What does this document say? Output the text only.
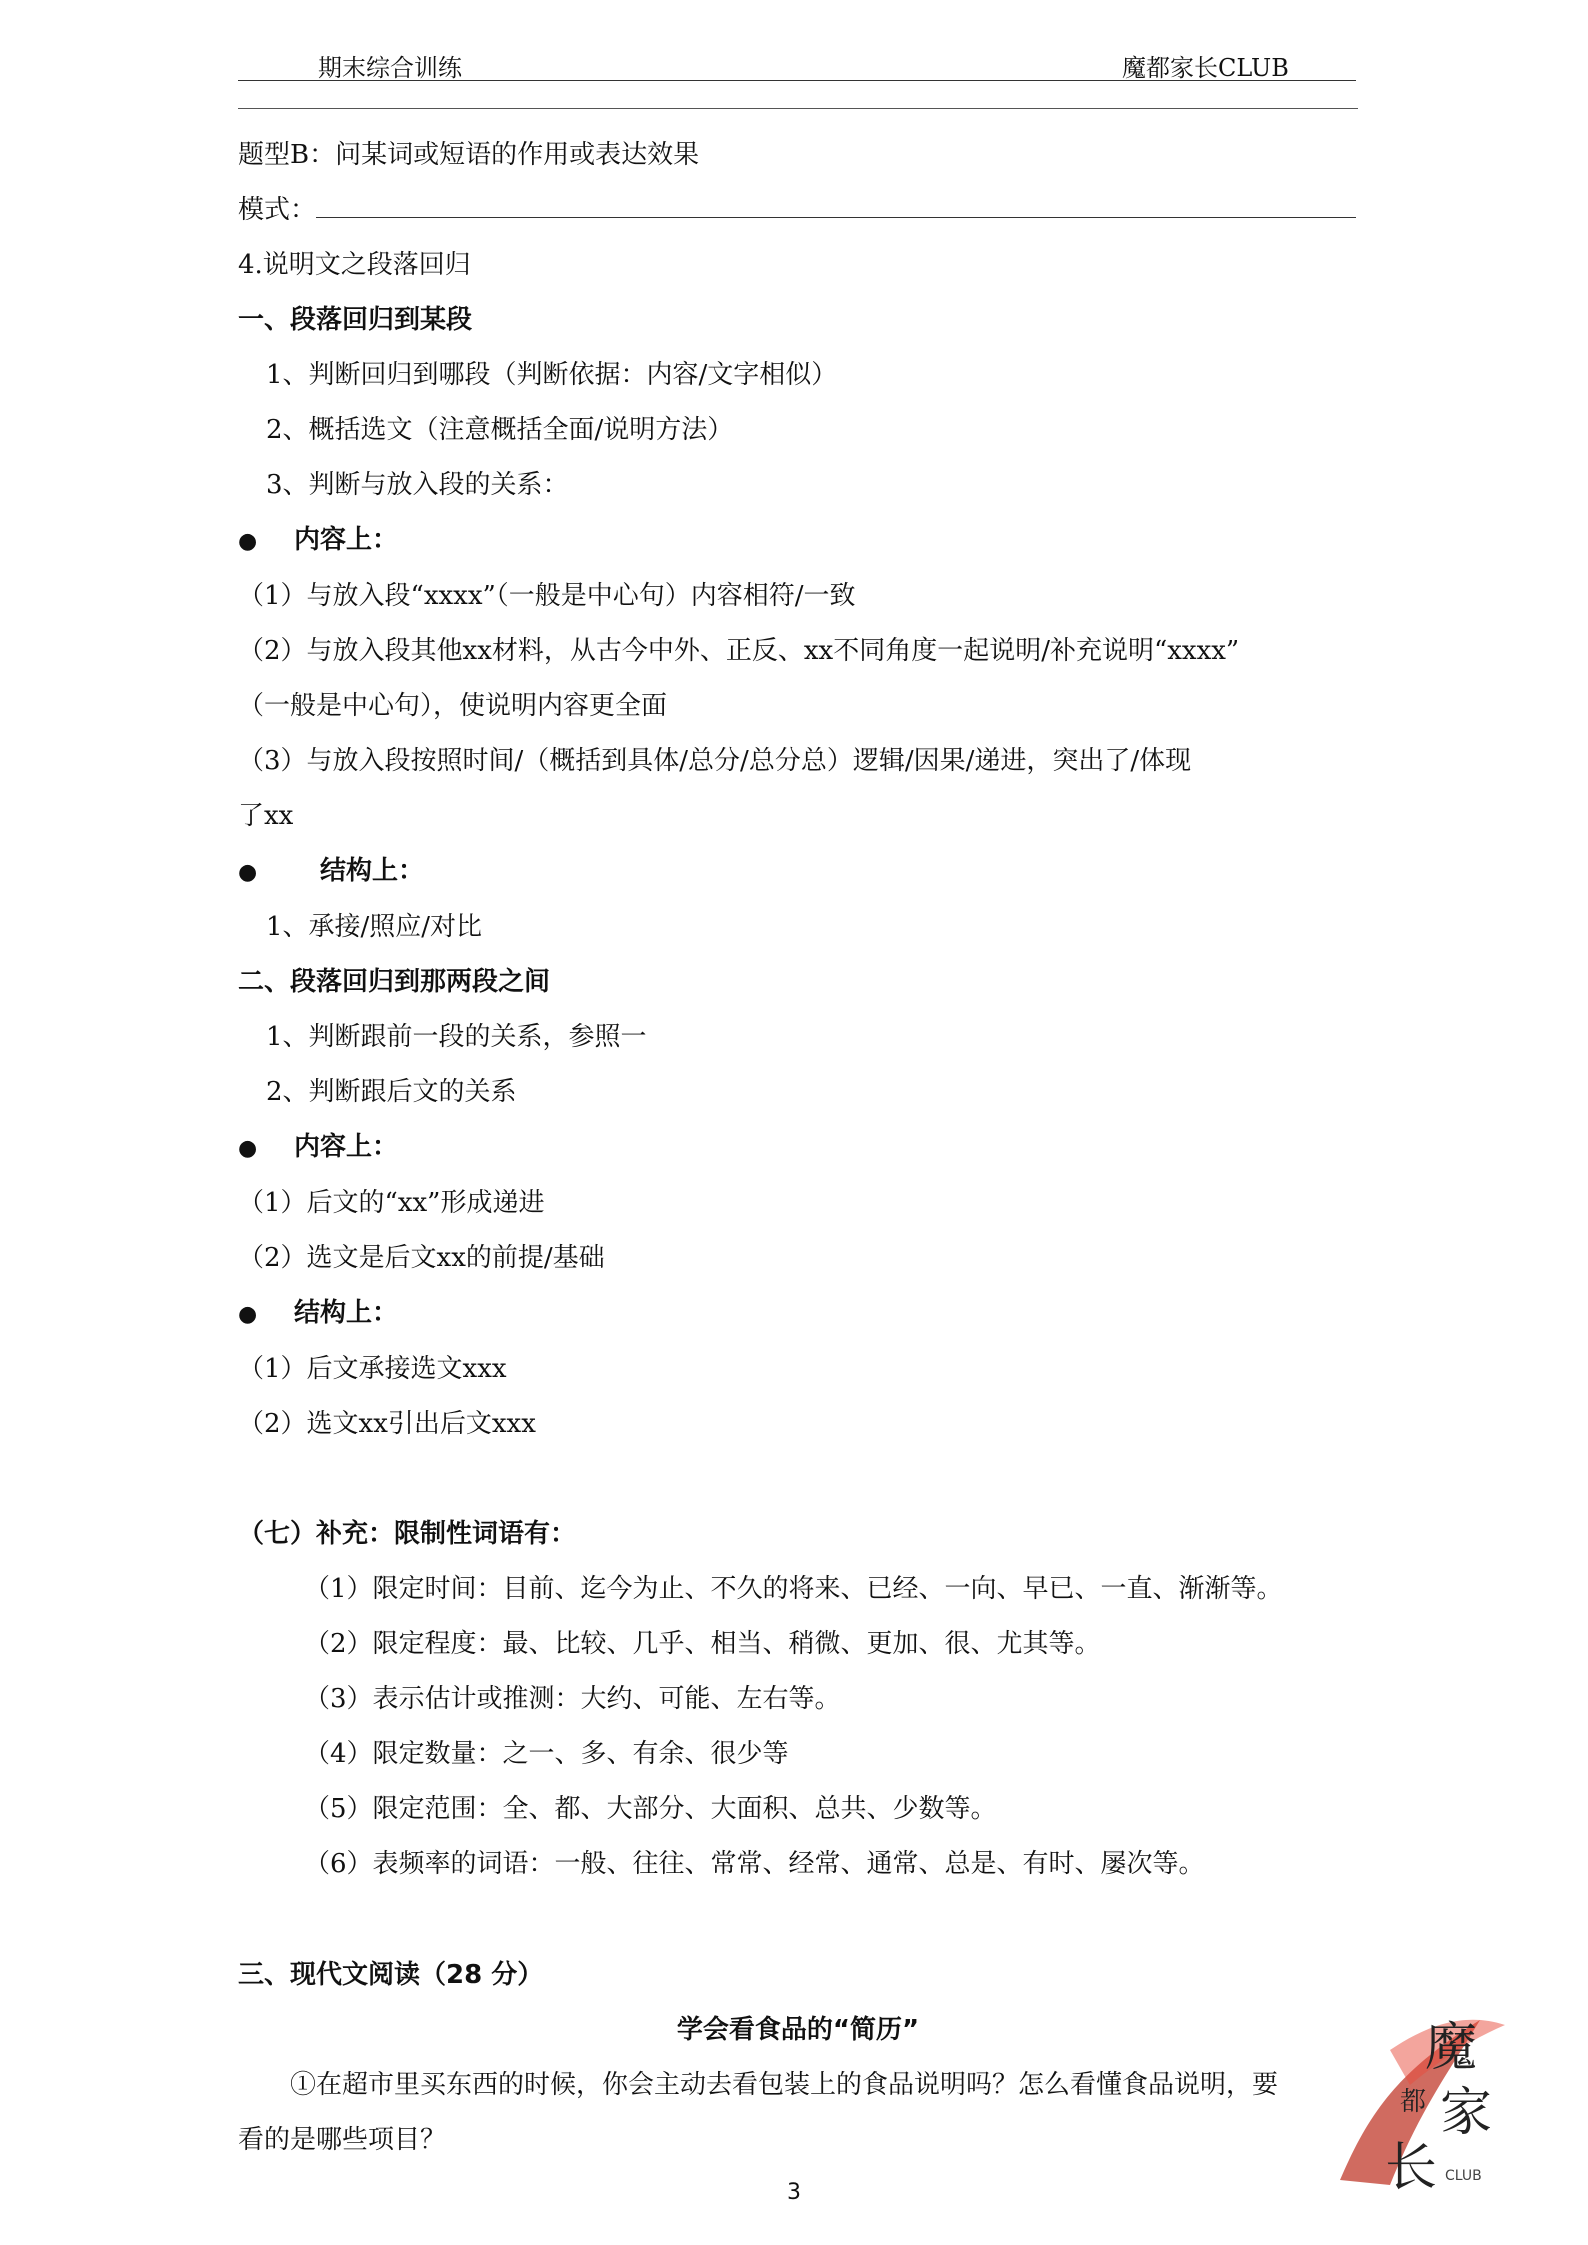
期末综合训练	魔都家长CLUB
题型B：问某词或短语的作用或表达效果
模式：
4.说明文之段落回归
一、段落回归到某段
1、判断回归到哪段（判断依据：内容/文字相似）
2、概括选文（注意概括全面/说明方法）
3、判断与放入段的关系：
● 内容上：
（1）与放入段“xxxx”（一般是中心句）内容相符/一致
（2）与放入段其他xx材料，从古今中外、正反、xx不同角度一起说明/补充说明“xxxx”
（一般是中心句），使说明内容更全面
（3）与放入段按照时间/（概括到具体/总分/总分总）逻辑/因果/递进，突出了/体现
了xx
● 结构上：
1、承接/照应/对比
二、段落回归到那两段之间
1、判断跟前一段的关系，参照一
2、判断跟后文的关系
● 内容上：
（1）后文的“xx”形成递进
（2）选文是后文xx的前提/基础
● 结构上：
（1）后文承接选文xxx
（2）选文xx引出后文xxx
（七）补充：限制性词语有：
（1）限定时间：目前、迄今为止、不久的将来、已经、一向、早已、一直、渐渐等。
（2）限定程度：最、比较、几乎、相当、稍微、更加、很、尤其等。
（3）表示估计或推测：大约、可能、左右等。
（4）限定数量：之一、多、有余、很少等
（5）限定范围：全、都、大部分、大面积、总共、少数等。
（6）表频率的词语：一般、往往、常常、经常、通常、总是、有时、屡次等。
三、现代文阅读（28 分）
学会看食品的“简历”
①在超市里买东西的时候，你会主动去看包装上的食品说明吗？怎么看懂食品说明，要
看的是哪些项目？
3
魔
都 家
长 CLUB
